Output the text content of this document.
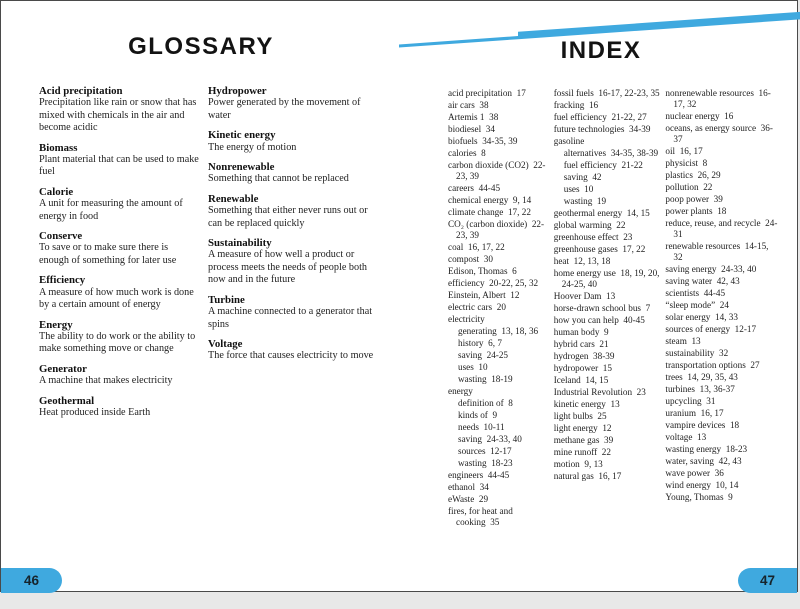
GLOSSARY	INDEX
Acid precipitation
Precipitation like rain or snow that has mixed with chemicals in the air and become acidic
Biomass
Plant material that can be used to make fuel
Calorie
A unit for measuring the amount of energy in food
Conserve
To save or to make sure there is enough of something for later use
Efficiency
A measure of how much work is done by a certain amount of energy
Energy
The ability to do work or the ability to make something move or change
Generator
A machine that makes electricity
Geothermal
Heat produced inside Earth
Hydropower
Power generated by the movement of water
Kinetic energy
The energy of motion
Nonrenewable
Something that cannot be replaced
Renewable
Something that either never runs out or can be replaced quickly
Sustainability
A measure of how well a product or process meets the needs of people both now and in the future
Turbine
A machine connected to a generator that spins
Voltage
The force that causes electricity to move
acid precipitation  17
air cars  38
Artemis 1  38
biodiesel  34
biofuels  34-35, 39
calories  8
carbon dioxide (CO2)  22-23, 39
careers  44-45
chemical energy  9, 14
climate change  17, 22
CO₂ (carbon dioxide)  22-23, 39
coal  16, 17, 22
compost  30
Edison, Thomas  6
efficiency  20-22, 25, 32
Einstein, Albert  12
electric cars  20
electricity
generating  13, 18, 36
history  6, 7
saving  24-25
uses  10
wasting  18-19
energy
definition of  8
kinds of  9
needs  10-11
saving  24-33, 40
sources  12-17
wasting  18-23
engineers  44-45
ethanol  34
eWaste  29
fires, for heat and cooking  35
fossil fuels  16-17, 22-23, 35
fracking  16
fuel efficiency  21-22, 27
future technologies  34-39
gasoline
alternatives  34-35, 38-39
fuel efficiency  21-22
saving  42
uses  10
wasting  19
geothermal energy  14, 15
global warming  22
greenhouse effect  23
greenhouse gases  17, 22
heat  12, 13, 18
home energy use  18, 19, 20, 24-25, 40
Hoover Dam  13
horse-drawn school bus  7
how you can help  40-45
human body  9
hybrid cars  21
hydrogen  38-39
hydropower  15
Iceland  14, 15
Industrial Revolution  23
kinetic energy  13
light bulbs  25
light energy  12
methane gas  39
mine runoff  22
motion  9, 13
natural gas  16, 17
nonrenewable resources  16-17, 32
nuclear energy  16
oceans, as energy source  36-37
oil  16, 17
physicist  8
plastics  26, 29
pollution  22
poop power  39
power plants  18
reduce, reuse, and recycle  24-31
renewable resources  14-15, 32
saving energy  24-33, 40
saving water  42, 43
scientists  44-45
“sleep mode”  24
solar energy  14, 33
sources of energy  12-17
steam  13
sustainability  32
transportation options  27
trees  14, 29, 35, 43
turbines  13, 36-37
upcycling  31
uranium  16, 17
vampire devices  18
voltage  13
wasting energy  18-23
water, saving  42, 43
wave power  36
wind energy  10, 14
Young, Thomas  9
46	47
